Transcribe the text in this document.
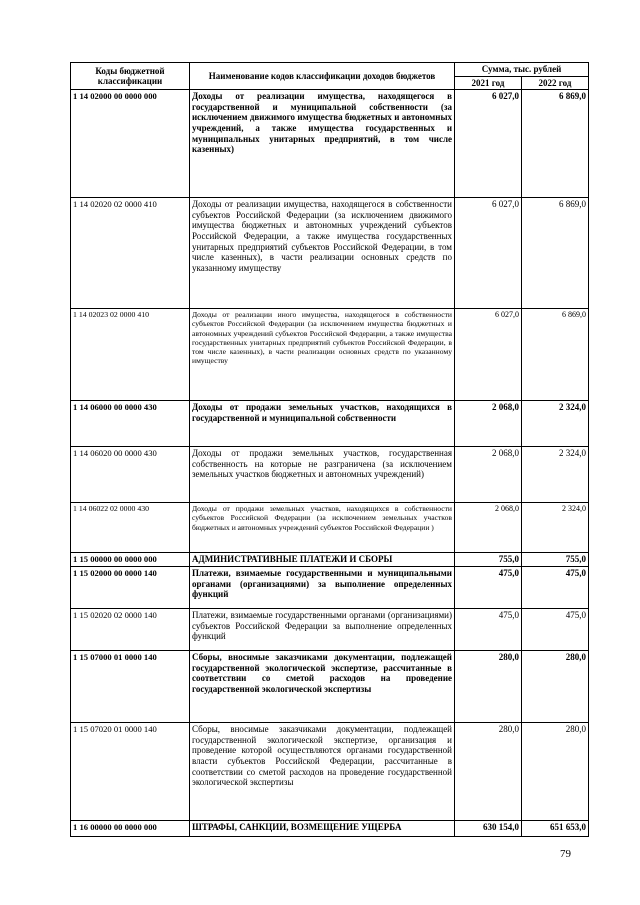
Коды бюджетной классификации	Наименование кодов классификации доходов бюджетов	Сумма, тыс. рублей	
		2021 год	2022 год
1 14 02000 00 0000 000	Доходы от реализации имущества, находящегося в государственной и муниципальной собственности (за исключением движимого имущества бюджетных и автономных учреждений, а также имущества государственных и муниципальных унитарных предприятий, в том числе казенных)	6 027,0	6 869,0
1 14 02020 02 0000 410	Доходы от реализации имущества, находящегося в собственности субъектов Российской Федерации (за исключением движимого имущества бюджетных и автономных учреждений субъектов Российской Федерации, а также имущества государственных унитарных предприятий субъектов Российской Федерации, в том числе казенных), в части реализации основных средств по указанному имуществу	6 027,0	6 869,0
1 14 02023 02 0000 410	Доходы от реализации иного имущества, находящегося в собственности субъектов Российской Федерации (за исключением имущества бюджетных и автономных учреждений субъектов Российской Федерации, а также имущества государственных унитарных предприятий субъектов Российской Федерации, в том числе казенных), в части реализации основных средств по указанному имуществу	6 027,0	6 869,0
1 14 06000 00 0000 430	Доходы от продажи земельных участков, находящихся в государственной и муниципальной собственности	2 068,0	2 324,0
1 14 06020 00 0000 430	Доходы от продажи земельных участков, государственная собственность на которые не разграничена (за исключением земельных участков бюджетных и автономных учреждений)	2 068,0	2 324,0
1 14 06022 02 0000 430	Доходы от продажи земельных участков, находящихся в собственности субъектов Российской Федерации (за исключением земельных участков бюджетных и автономных учреждений субъектов Российской Федерации )	2 068,0	2 324,0
1 15 00000 00 0000 000	АДМИНИСТРАТИВНЫЕ ПЛАТЕЖИ И СБОРЫ	755,0	755,0
1 15 02000 00 0000 140	Платежи, взимаемые государственными и муниципальными органами (организациями) за выполнение определенных функций	475,0	475,0
1 15 02020 02 0000 140	Платежи, взимаемые государственными органами (организациями) субъектов Российской Федерации за выполнение определенных функций	475,0	475,0
1 15 07000 01 0000 140	Сборы, вносимые заказчиками документации, подлежащей государственной экологической экспертизе, рассчитанные в соответствии со сметой расходов на проведение государственной экологической экспертизы	280,0	280,0
1 15 07020 01 0000 140	Сборы, вносимые заказчиками документации, подлежащей государственной экологической экспертизе, организация и проведение которой осуществляются органами государственной власти субъектов Российской Федерации, рассчитанные в соответствии со сметой расходов на проведение государственной экологической экспертизы	280,0	280,0
1 16 00000 00 0000 000	ШТРАФЫ, САНКЦИИ, ВОЗМЕЩЕНИЕ УЩЕРБА	630 154,0	651 653,0
79
